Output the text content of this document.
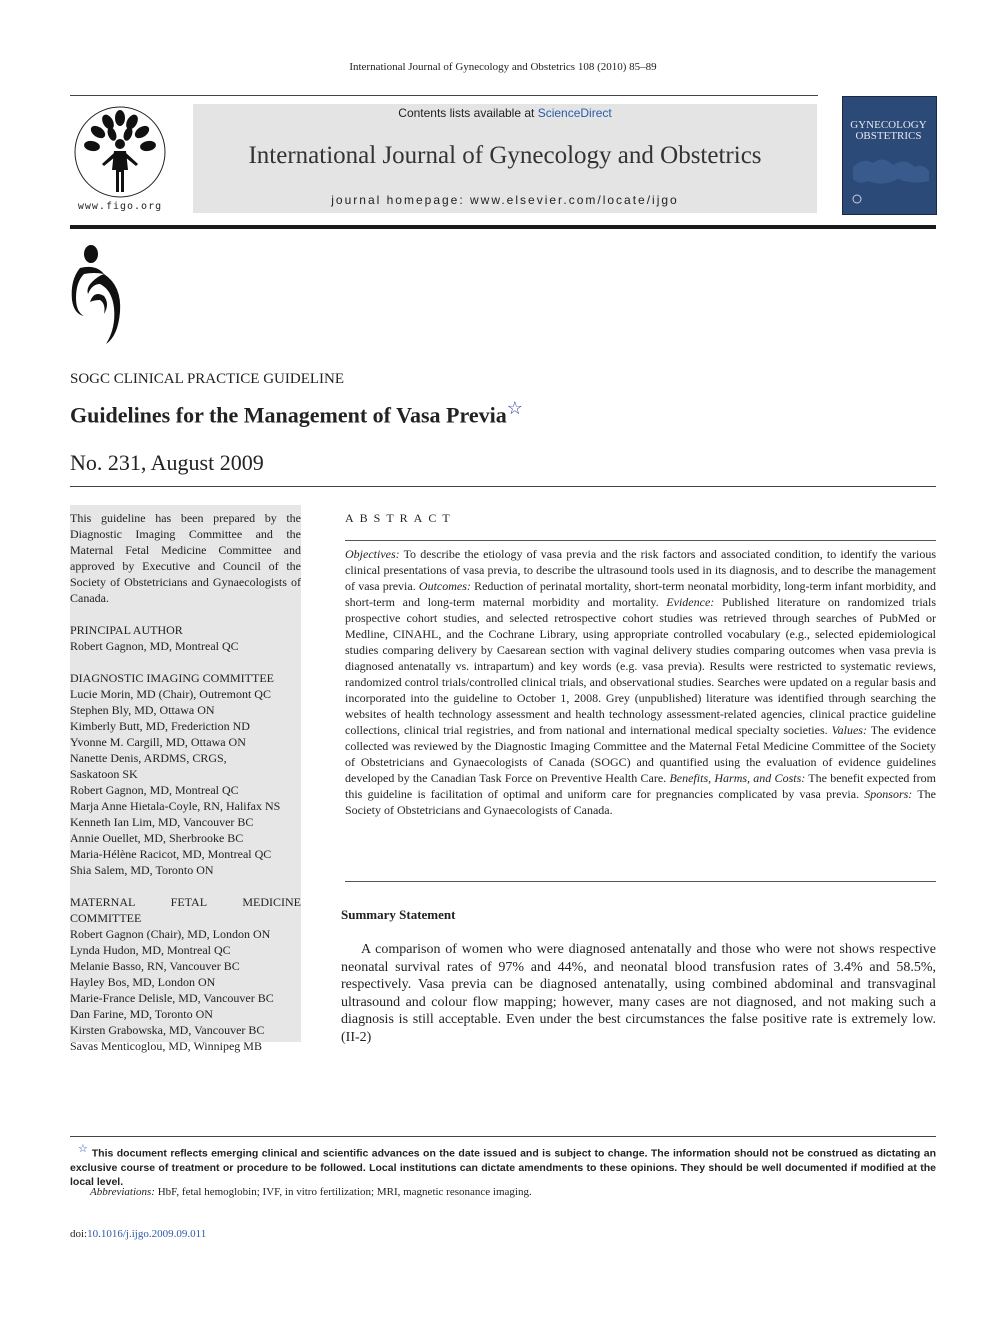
International Journal of Gynecology and Obstetrics 108 (2010) 85–89
www.figo.org
Contents lists available at ScienceDirect
International Journal of Gynecology and Obstetrics
journal homepage: www.elsevier.com/locate/ijgo
GYNECOLOGY
OBSTETRICS
SOGC CLINICAL PRACTICE GUIDELINE
Guidelines for the Management of Vasa Previa☆
No. 231, August 2009

This guideline has been prepared by the Diagnostic Imaging Committee and the Maternal Fetal Medicine Committee and approved by Executive and Council of the Society of Obstetricians and Gynaecologists of Canada.

PRINCIPAL AUTHOR

Robert Gagnon, MD, Montreal QC

DIAGNOSTIC IMAGING COMMITTEE

Lucie Morin, MD (Chair), Outremont QC
Stephen Bly, MD, Ottawa ON
Kimberly Butt, MD, Frederiction ND
Yvonne M. Cargill, MD, Ottawa ON
Nanette Denis, ARDMS, CRGS,
Saskatoon SK
Robert Gagnon, MD, Montreal QC
Marja Anne Hietala-Coyle, RN, Halifax NS
Kenneth Ian Lim, MD, Vancouver BC
Annie Ouellet, MD, Sherbrooke BC
Maria-Hélène Racicot, MD, Montreal QC
Shia Salem, MD, Toronto ON

MATERNAL FETAL MEDICINE COMMITTEE

Robert Gagnon (Chair), MD, London ON
Lynda Hudon, MD, Montreal QC
Melanie Basso, RN, Vancouver BC
Hayley Bos, MD, London ON
Marie-France Delisle, MD, Vancouver BC
Dan Farine, MD, Toronto ON
Kirsten Grabowska, MD, Vancouver BC
Savas Menticoglou, MD, Winnipeg MB
ABSTRACT
Objectives: To describe the etiology of vasa previa and the risk factors and associated condition, to identify the various clinical presentations of vasa previa, to describe the ultrasound tools used in its diagnosis, and to describe the management of vasa previa. Outcomes: Reduction of perinatal mortality, short-term neonatal morbidity, long-term infant morbidity, and short-term and long-term maternal morbidity and mortality. Evidence: Published literature on randomized trials prospective cohort studies, and selected retrospective cohort studies was retrieved through searches of PubMed or Medline, CINAHL, and the Cochrane Library, using appropriate controlled vocabulary (e.g., selected epidemiological studies comparing delivery by Caesarean section with vaginal delivery studies comparing outcomes when vasa previa is diagnosed antenatally vs. intrapartum) and key words (e.g. vasa previa). Results were restricted to systematic reviews, randomized control trials/controlled clinical trials, and observational studies. Searches were updated on a regular basis and incorporated into the guideline to October 1, 2008. Grey (unpublished) literature was identified through searching the websites of health technology assessment and health technology assessment-related agencies, clinical practice guideline collections, clinical trial registries, and from national and international medical specialty societies. Values: The evidence collected was reviewed by the Diagnostic Imaging Committee and the Maternal Fetal Medicine Committee of the Society of Obstetricians and Gynaecologists of Canada (SOGC) and quantified using the evaluation of evidence guidelines developed by the Canadian Task Force on Preventive Health Care. Benefits, Harms, and Costs: The benefit expected from this guideline is facilitation of optimal and uniform care for pregnancies complicated by vasa previa. Sponsors: The Society of Obstetricians and Gynaecologists of Canada.
Summary Statement
A comparison of women who were diagnosed antenatally and those who were not shows respective neonatal survival rates of 97% and 44%, and neonatal blood transfusion rates of 3.4% and 58.5%, respectively. Vasa previa can be diagnosed antenatally, using combined abdominal and transvaginal ultrasound and colour flow mapping; however, many cases are not diagnosed, and not making such a diagnosis is still acceptable. Even under the best circumstances the false positive rate is extremely low. (II-2)
☆ This document reflects emerging clinical and scientific advances on the date issued and is subject to change. The information should not be construed as dictating an exclusive course of treatment or procedure to be followed. Local institutions can dictate amendments to these opinions. They should be well documented if modified at the local level.
Abbreviations: HbF, fetal hemoglobin; IVF, in vitro fertilization; MRI, magnetic resonance imaging.
doi:10.1016/j.ijgo.2009.09.011
